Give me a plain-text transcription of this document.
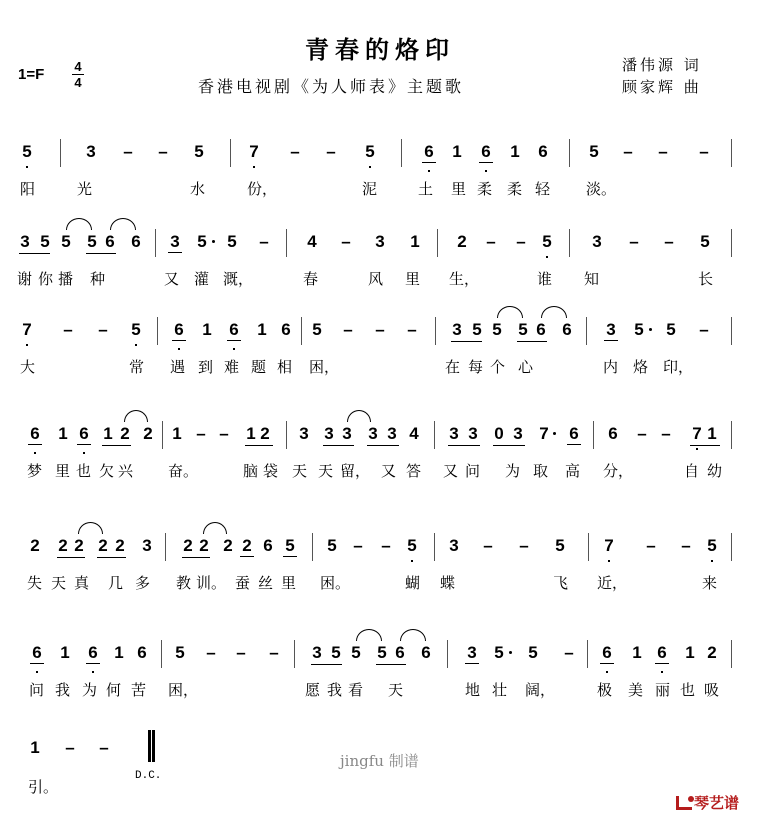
青春的烙印
香港电视剧《为人师表》主题歌
1=F 4
4
潘伟源 词
顾家辉 曲
5	3 – – 5	7 – – 5	6 1 6 1 6 5 – – –
阳	光	水	份，	泥	土 里 柔 柔 轻 淡。
3 5 5 5 6 6 3 5 5 – 4 – 3 1 2 – – 5 3 – – 5
谢 你 播 种	又 灌 溉，	春	风 里 生，	谁 知	长
7 – – 5 6 1 6 1 6 5 – – – 3 5 5 5 6 6 3 5 5 –
大	常 遇 到 难 题 相 困，	在 每 个 心	内 烙 印，
6 1 6 1 2 2 1 – – 1 2 3 3 3 3 3 4 3 3 0 3 7 6 6 – – 7 1
梦 里 也 欠 兴 奋。	脑 袋 天 天 留， 又 答 又 问 为 取 高 分，	自 幼
2 2 2 2 2 3 2 2 2 2 6 5 5 – – 5 3 – – 5 7 – – 5
失 天 真 几 多 教 训。 蚕 丝 里 困。	蝴 蝶	飞 近，	来
6 1 6 1 6 5 – – – 3 5 5 5 6 6 3 5 5 – 6 1 6 1 2
问 我 为 何 苦 困，	愿 我 看 天	地 壮 阔，	极 美 丽 也 吸
1 – –
引。
D.C.
jingfu 制谱
琴艺谱
